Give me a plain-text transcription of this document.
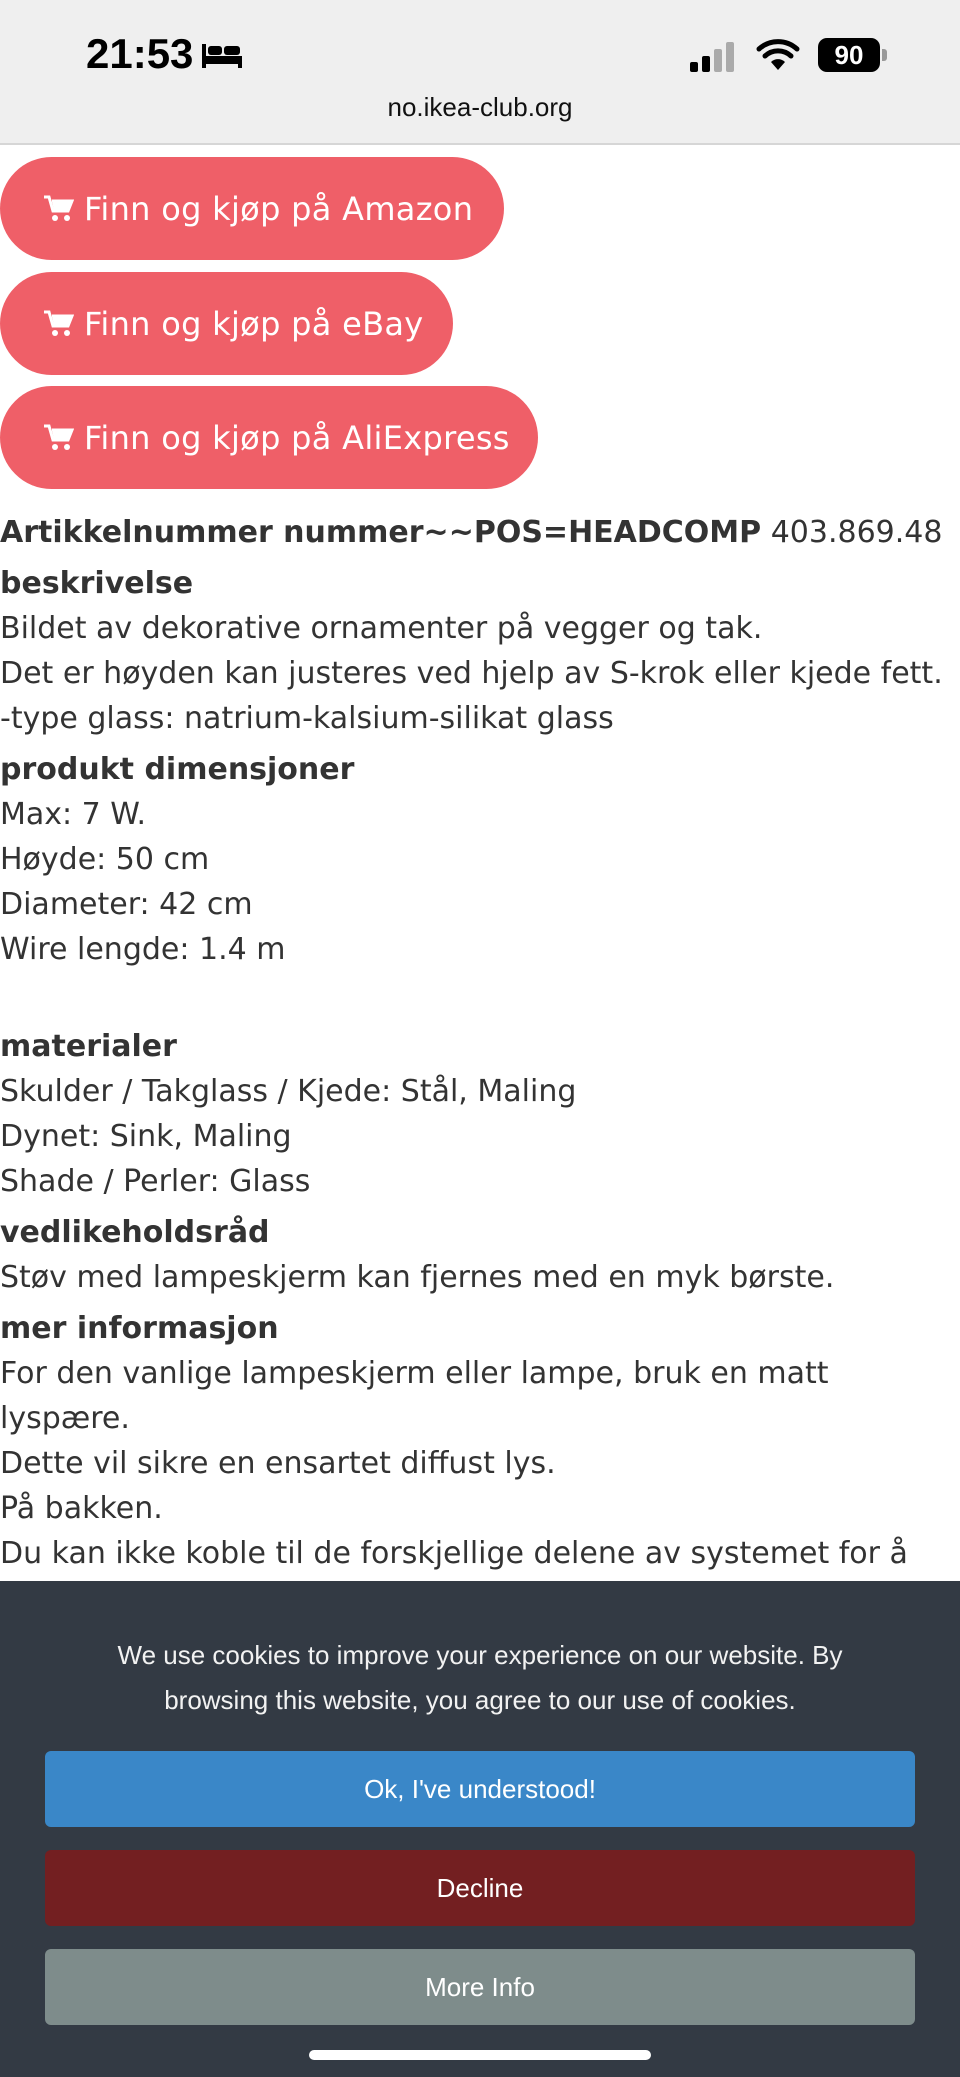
21:53	90
no.ikea-club.org
Finn og kjøp på Amazon
Finn og kjøp på eBay
Finn og kjøp på AliExpress

Artikkelnummer nummer~~POS=HEADCOMP 403.869.48

beskrivelse

Bildet av dekorative ornamenter på vegger og tak.

Det er høyden kan justeres ved hjelp av S-krok eller kjede fett.

-type glass: natrium-kalsium-silikat glass

produkt dimensjoner

Max: 7 W.

Høyde: 50 cm

Diameter: 42 cm

Wire lengde: 1.4 m

materialer

Skulder / Takglass / Kjede: Stål, Maling

Dynet: Sink, Maling

Shade / Perler: Glass

vedlikeholdsråd

Støv med lampeskjerm kan fjernes med en myk børste.

mer informasjon

For den vanlige lampeskjerm eller lampe, bruk en matt lyspære.

Dette vil sikre en ensartet diffust lys.

På bakken.

Du kan ikke koble til de forskjellige delene av systemet for å

We use cookies to improve your experience on our website. By browsing this website, you agree to our use of cookies.
Ok, I've understood!
Decline
More Info
